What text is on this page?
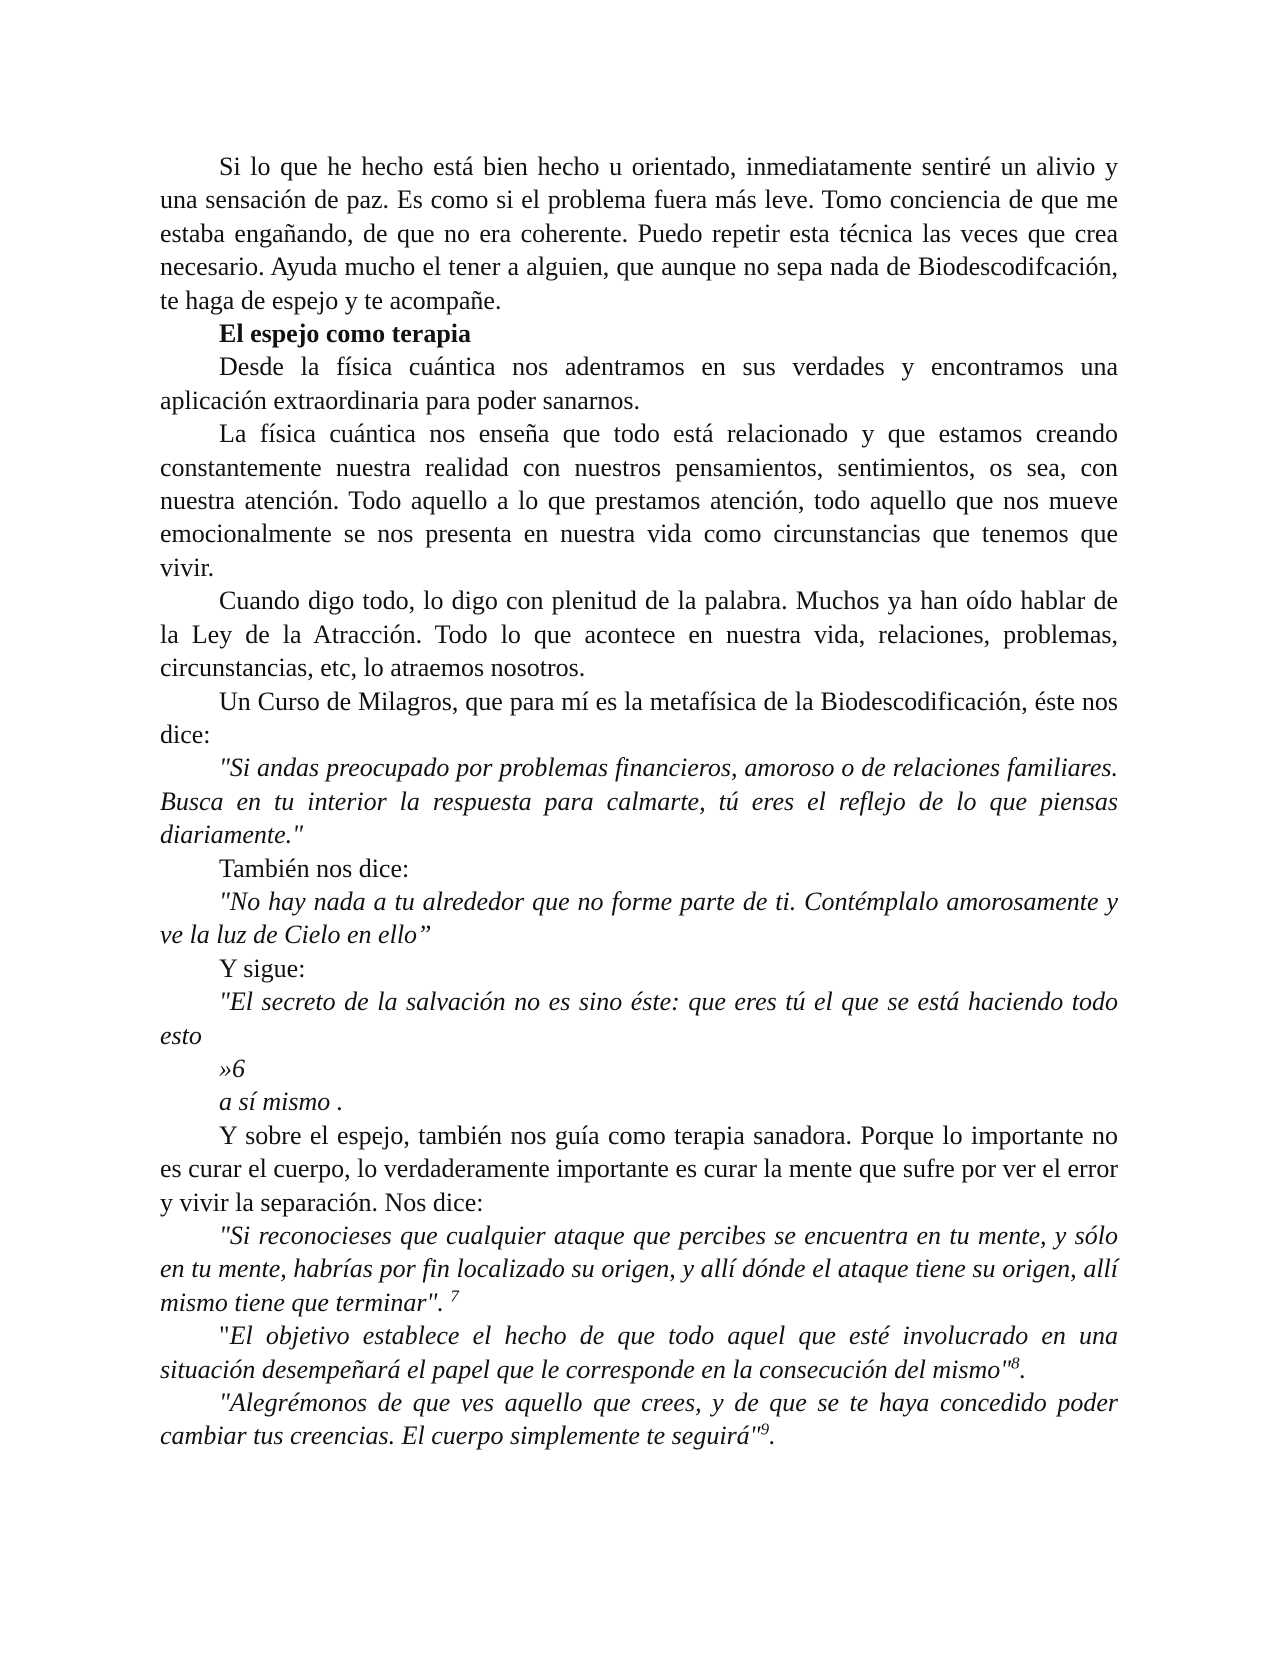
Si lo que he hecho está bien hecho u orientado, inmediatamente sentiré un alivio y una sensación de paz. Es como si el problema fuera más leve. Tomo conciencia de que me estaba engañando, de que no era coherente. Puedo repetir esta técnica las veces que crea necesario. Ayuda mucho el tener a alguien, que aunque no sepa nada de Biodescodifcación, te haga de espejo y te acompañe.

El espejo como terapia

Desde la física cuántica nos adentramos en sus verdades y encontramos una aplicación extraordinaria para poder sanarnos.

La física cuántica nos enseña que todo está relacionado y que estamos creando constantemente nuestra realidad con nuestros pensamientos, sentimientos, os sea, con nuestra atención. Todo aquello a lo que prestamos atención, todo aquello que nos mueve emocionalmente se nos presenta en nuestra vida como circunstancias que tenemos que vivir.

Cuando digo todo, lo digo con plenitud de la palabra. Muchos ya han oído hablar de la Ley de la Atracción. Todo lo que acontece en nuestra vida, relaciones, problemas, circunstancias, etc, lo atraemos nosotros.

Un Curso de Milagros, que para mí es la metafísica de la Biodescodificación, éste nos dice:

"Si andas preocupado por problemas financieros, amoroso o de relaciones familiares. Busca en tu interior la respuesta para calmarte, tú eres el reflejo de lo que piensas diariamente."

También nos dice:

"No hay nada a tu alrededor que no forme parte de ti. Contémplalo amorosamente y ve la luz de Cielo en ello”

Y sigue:

"El secreto de la salvación no es sino éste: que eres tú el que se está haciendo todo esto

»6

a sí mismo .

Y sobre el espejo, también nos guía como terapia sanadora. Porque lo importante no es curar el cuerpo, lo verdaderamente importante es curar la mente que sufre por ver el error y vivir la separación. Nos dice:

"Si reconocieses que cualquier ataque que percibes se encuentra en tu mente, y sólo en tu mente, habrías por fin localizado su origen, y allí dónde el ataque tiene su origen, allí mismo tiene que terminar". $^7$

"El objetivo establece el hecho de que todo aquel que esté involucrado en una situación desempeñará el papel que le corresponde en la consecución del mismo"$^8$.

"Alegrémonos de que ves aquello que crees, y de que se te haya concedido poder cambiar tus creencias. El cuerpo simplemente te seguirá"$^9$.
